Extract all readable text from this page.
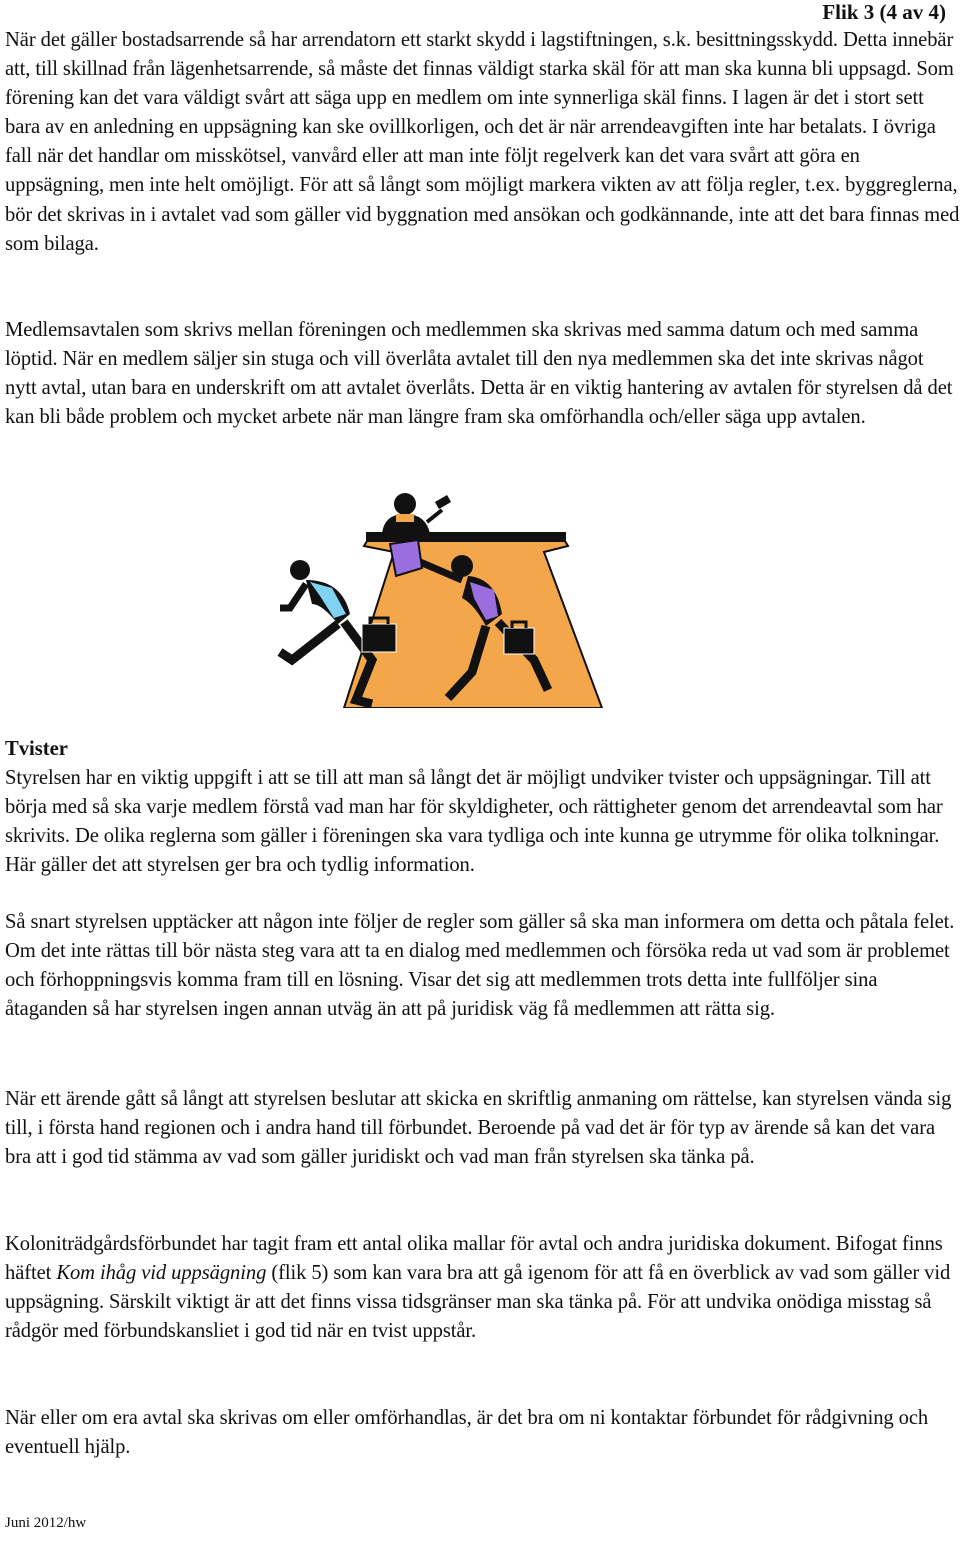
Flik 3 (4 av 4)

När det gäller bostadsarrende så har arrendatorn ett starkt skydd i lagstiftningen, s.k. besittningsskydd. Detta innebär att, till skillnad från lägenhetsarrende, så måste det finnas väldigt starka skäl för att man ska kunna bli uppsagd. Som förening kan det vara väldigt svårt att säga upp en medlem om inte synnerliga skäl finns. I lagen är det i stort sett bara av en anledning en uppsägning kan ske ovillkorligen, och det är när arrendeavgiften inte har betalats. I övriga fall när det handlar om misskötsel, vanvård eller att man inte följt regelverk kan det vara svårt att göra en uppsägning, men inte helt omöjligt. För att så långt som möjligt markera vikten av att följa regler, t.ex. byggreglerna, bör det skrivas in i avtalet vad som gäller vid byggnation med ansökan och godkännande, inte att det bara finnas med som bilaga.

Medlemsavtalen som skrivs mellan föreningen och medlemmen ska skrivas med samma datum och med samma löptid. När en medlem säljer sin stuga och vill överlåta avtalet till den nya medlemmen ska det inte skrivas något nytt avtal, utan bara en underskrift om att avtalet överlåts. Detta är en viktig hantering av avtalen för styrelsen då det kan bli både problem och mycket arbete när man längre fram ska omförhandla och/eller säga upp avtalen.

Tvister

Styrelsen har en viktig uppgift i att se till att man så långt det är möjligt undviker tvister och uppsägningar. Till att börja med så ska varje medlem förstå vad man har för skyldigheter, och rättigheter genom det arrendeavtal som har skrivits. De olika reglerna som gäller i föreningen ska vara tydliga och inte kunna ge utrymme för olika tolkningar. Här gäller det att styrelsen ger bra och tydlig information.

Så snart styrelsen upptäcker att någon inte följer de regler som gäller så ska man informera om detta och påtala felet. Om det inte rättas till bör nästa steg vara att ta en dialog med medlemmen och försöka reda ut vad som är problemet och förhoppningsvis komma fram till en lösning. Visar det sig att medlemmen trots detta inte fullföljer sina åtaganden så har styrelsen ingen annan utväg än att på juridisk väg få medlemmen att rätta sig.

När ett ärende gått så långt att styrelsen beslutar att skicka en skriftlig anmaning om rättelse, kan styrelsen vända sig till, i första hand regionen och i andra hand till förbundet. Beroende på vad det är för typ av ärende så kan det vara bra att i god tid stämma av vad som gäller juridiskt och vad man från styrelsen ska tänka på.

Koloniträdgårdsförbundet har tagit fram ett antal olika mallar för avtal och andra juridiska dokument. Bifogat finns häftet Kom ihåg vid uppsägning (flik 5) som kan vara bra att gå igenom för att få en överblick av vad som gäller vid uppsägning. Särskilt viktigt är att det finns vissa tidsgränser man ska tänka på. För att undvika onödiga misstag så rådgör med förbundskansliet i god tid när en tvist uppstår.

När eller om era avtal ska skrivas om eller omförhandlas, är det bra om ni kontaktar förbundet för rådgivning och eventuell hjälp.

Juni 2012/hw
